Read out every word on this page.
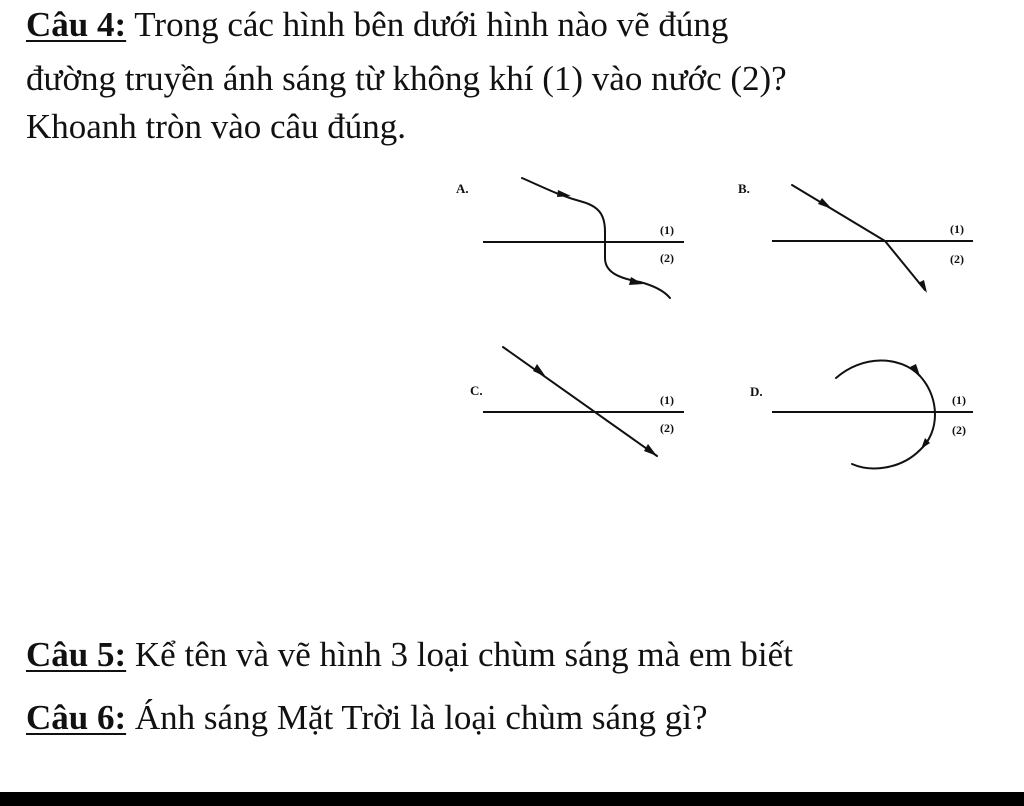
Câu 4: Trong các hình bên dưới hình nào vẽ đúng

đường truyền ánh sáng từ không khí (1) vào nước (2)?

Khoanh tròn vào câu đúng.

A.
(1)
(2)
B.
(1)
(2)
C.
(1)
(2)
D.
(1)
(2)

Câu 5: Kể tên và vẽ hình 3 loại chùm sáng mà em biết

Câu 6: Ánh sáng Mặt Trời là loại chùm sáng gì?
